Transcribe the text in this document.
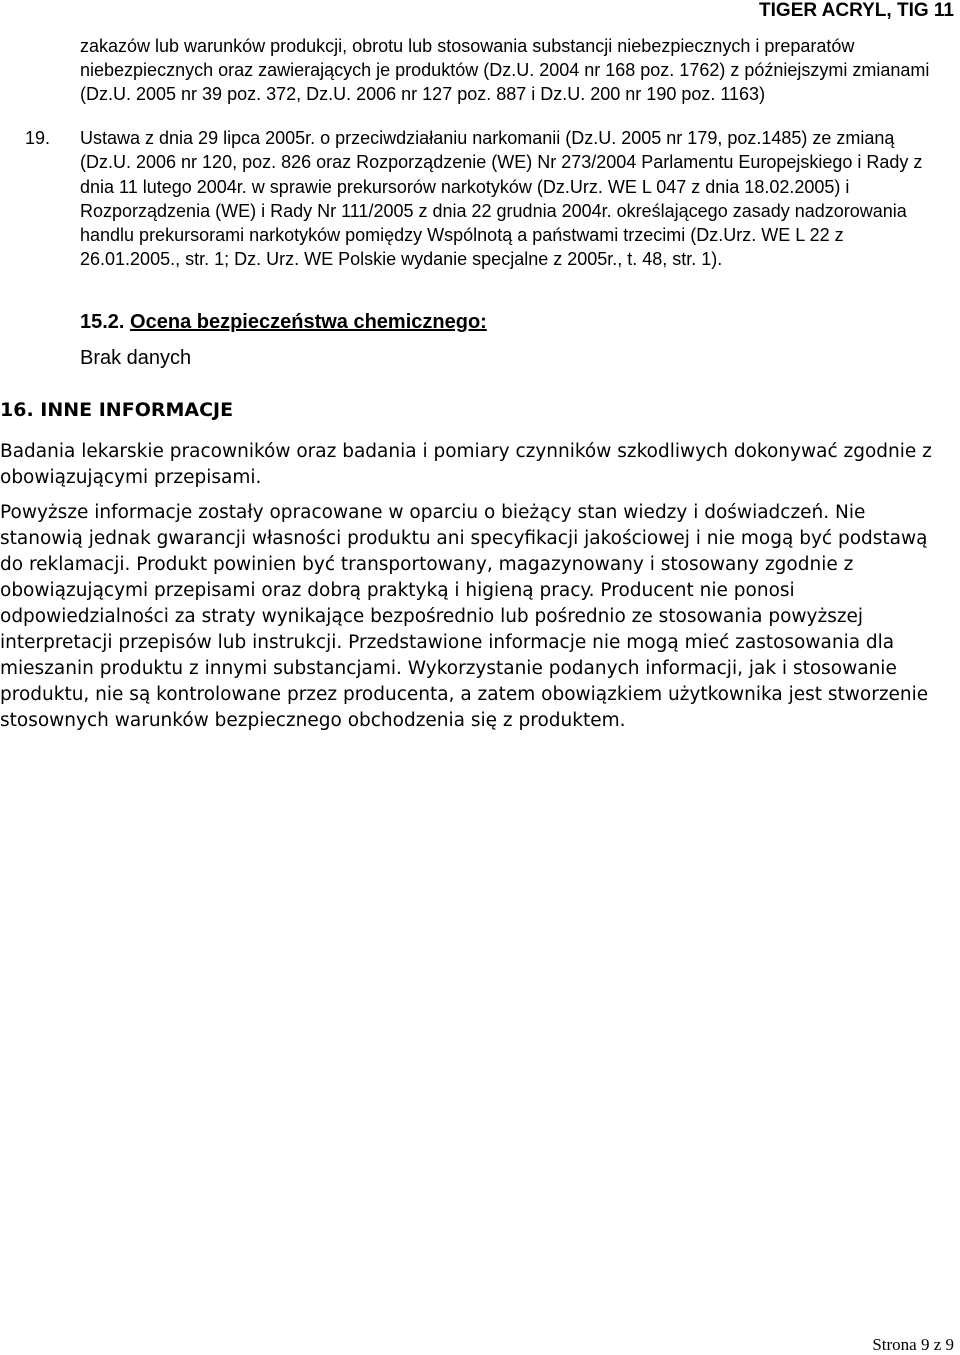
TIGER ACRYL, TIG 11

zakazów lub warunków produkcji, obrotu lub stosowania substancji niebezpiecznych i preparatów niebezpiecznych oraz zawierających je produktów (Dz.U. 2004 nr 168 poz. 1762) z późniejszymi zmianami (Dz.U. 2005 nr 39 poz. 372, Dz.U. 2006 nr 127 poz. 887 i Dz.U. 200 nr 190 poz. 1163)

19. Ustawa z dnia 29 lipca 2005r. o przeciwdziałaniu narkomanii (Dz.U. 2005 nr 179, poz.1485) ze zmianą (Dz.U. 2006 nr 120, poz. 826 oraz Rozporządzenie (WE) Nr 273/2004 Parlamentu Europejskiego i Rady z dnia 11 lutego 2004r. w sprawie prekursorów narkotyków (Dz.Urz. WE L 047 z dnia 18.02.2005) i Rozporządzenia (WE) i Rady Nr 111/2005 z dnia 22 grudnia 2004r. określającego zasady nadzorowania handlu prekursorami narkotyków pomiędzy Wspólnotą a państwami trzecimi (Dz.Urz. WE L 22 z 26.01.2005., str. 1; Dz. Urz. WE Polskie wydanie specjalne z 2005r., t. 48, str. 1).
15.2. Ocena bezpieczeństwa chemicznego:
Brak danych
16. INNE INFORMACJE
Badania lekarskie pracowników oraz badania i pomiary czynników szkodliwych dokonywać zgodnie z obowiązującymi przepisami.
Powyższe informacje zostały opracowane w oparciu o bieżący stan wiedzy i doświadczeń. Nie stanowią jednak gwarancji własności produktu ani specyfikacji jakościowej i nie mogą być podstawą do reklamacji. Produkt powinien być transportowany, magazynowany i stosowany zgodnie z obowiązującymi przepisami oraz dobrą praktyką i higieną pracy. Producent nie ponosi odpowiedzialności za straty wynikające bezpośrednio lub pośrednio ze stosowania powyższej interpretacji przepisów lub instrukcji. Przedstawione informacje nie mogą mieć zastosowania dla mieszanin produktu z innymi substancjami. Wykorzystanie podanych informacji, jak i stosowanie produktu, nie są kontrolowane przez producenta, a zatem obowiązkiem użytkownika jest stworzenie stosownych warunków bezpiecznego obchodzenia się z produktem.
Strona 9 z 9
